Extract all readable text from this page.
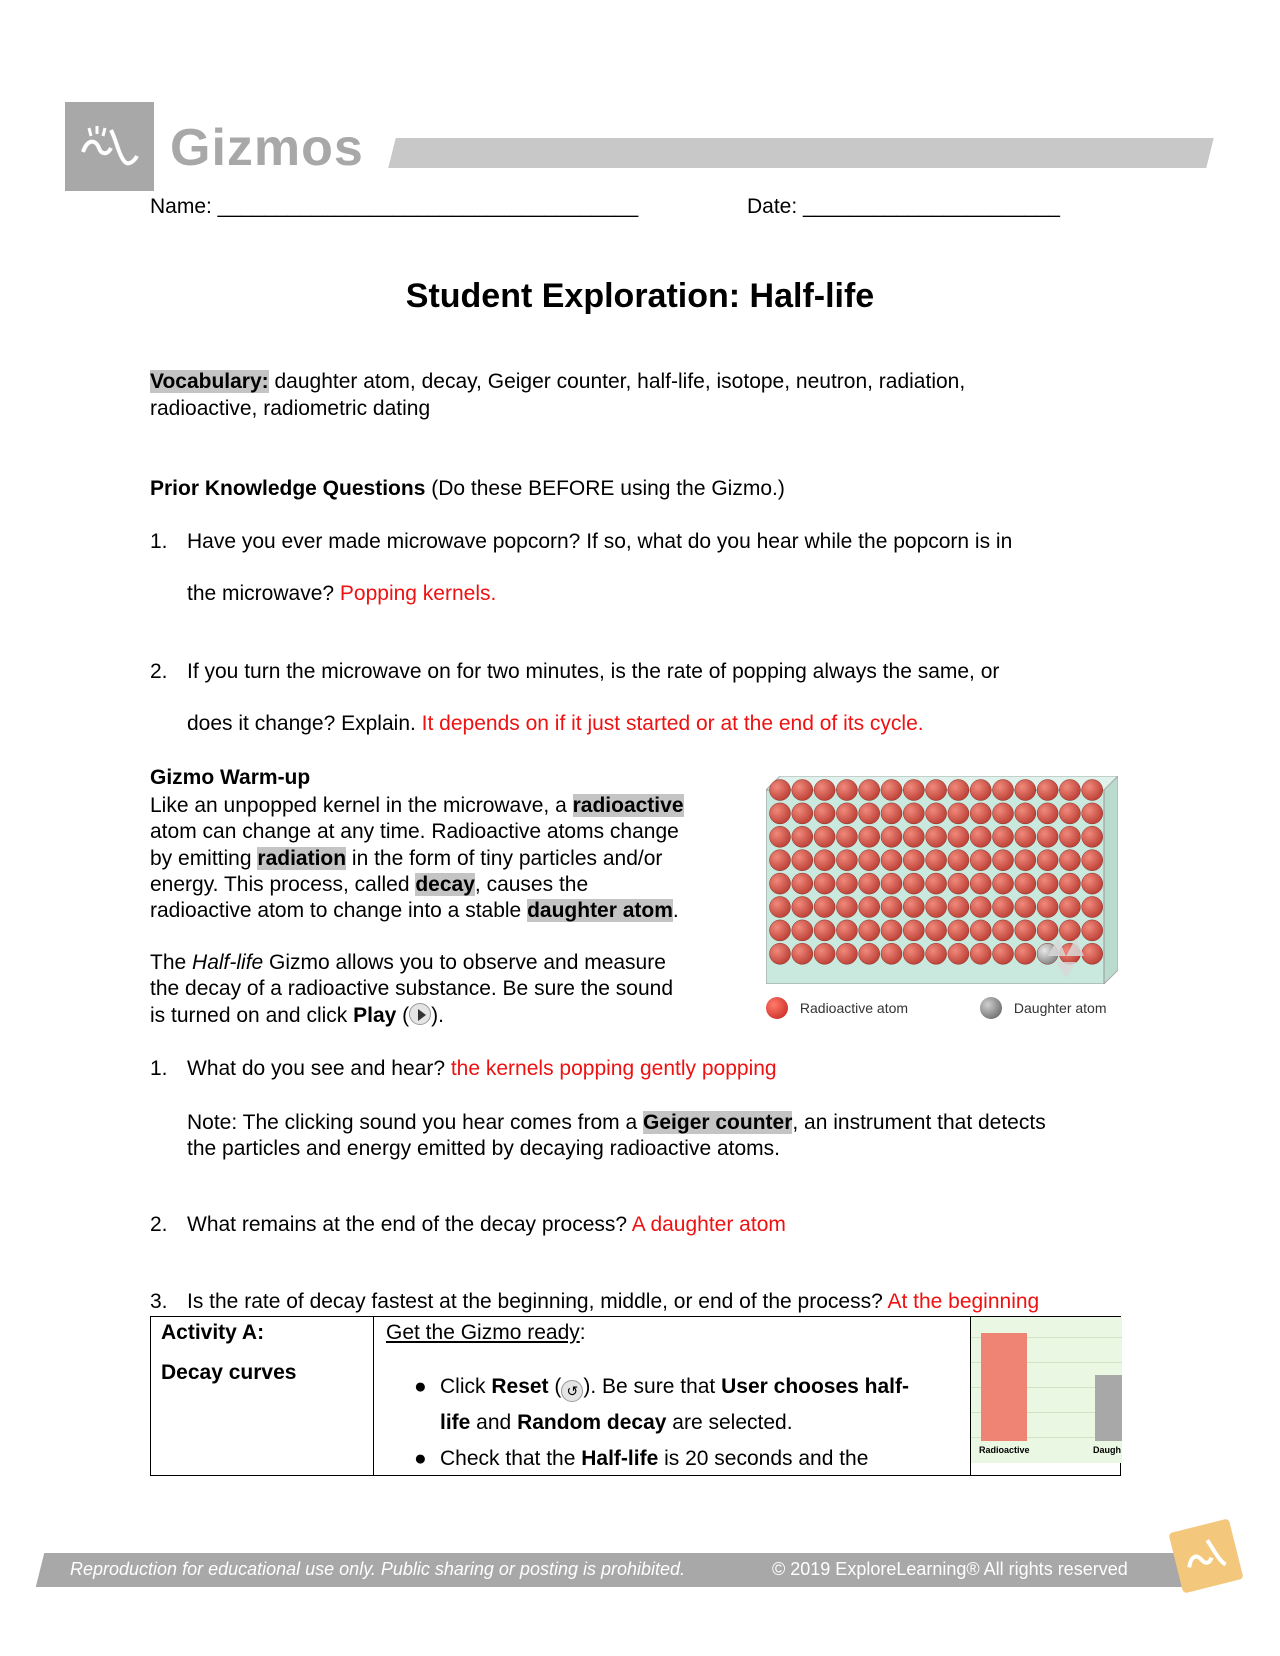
Gizmos
Name: ____________________________________	Date: ______________________
Student Exploration: Half-life
Vocabulary: daughter atom, decay, Geiger counter, half-life, isotope, neutron, radiation,
radioactive, radiometric dating
Prior Knowledge Questions (Do these BEFORE using the Gizmo.)
1. Have you ever made microwave popcorn? If so, what do you hear while the popcorn is in
the microwave? Popping kernels.
2. If you turn the microwave on for two minutes, is the rate of popping always the same, or
does it change? Explain. It depends on if it just started or at the end of its cycle.
Gizmo Warm-up
Like an unpopped kernel in the microwave, a radioactive
atom can change at any time. Radioactive atoms change
by emitting radiation in the form of tiny particles and/or
energy. This process, called decay, causes the
radioactive atom to change into a stable daughter atom.
The Half-life Gizmo allows you to observe and measure
the decay of a radioactive substance. Be sure the sound
is turned on and click Play ( ).	Radioactive atom	Daughter atom
1. What do you see and hear? the kernels popping gently popping
Note: The clicking sound you hear comes from a Geiger counter, an instrument that detects
the particles and energy emitted by decaying radioactive atoms.
2. What remains at the end of the decay process? A daughter atom
3. Is the rate of decay fastest at the beginning, middle, or end of the process? At the beginning
Activity A:
Decay curves
Get the Gizmo ready:
● Click Reset ( ↺ ). Be sure that User chooses half-
life and Random decay are selected.
● Check that the Half-life is 20 seconds and the	Radioactive	Daugh
Reproduction for educational use only. Public sharing or posting is prohibited.	© 2019 ExploreLearning® All rights reserved
